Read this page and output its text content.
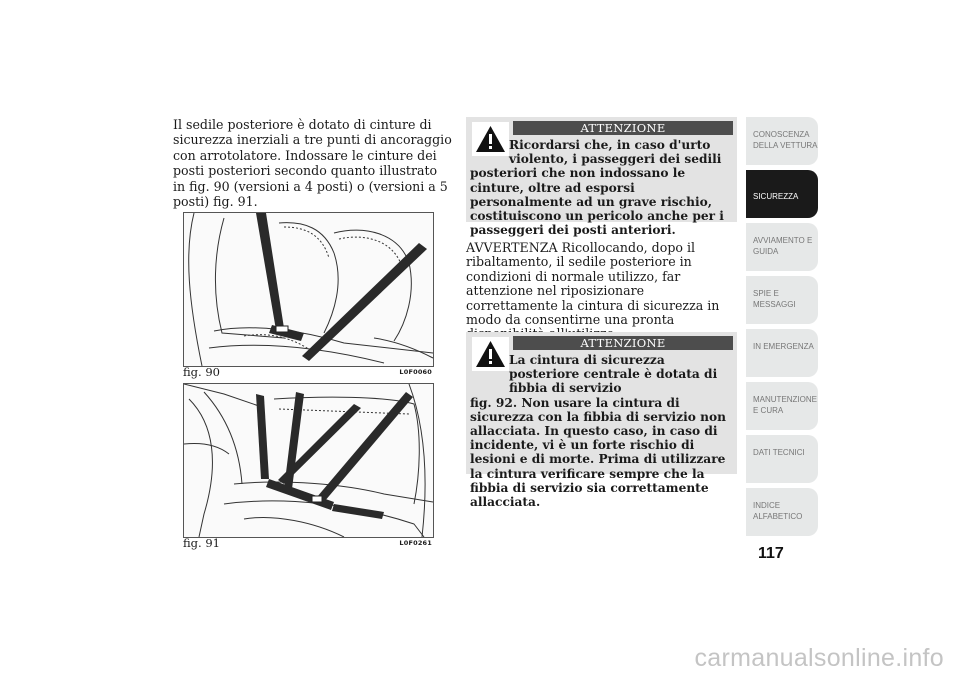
Il sedile posteriore è dotato di cinture di sicurezza inerziali a tre punti di ancoraggio con arrotolatore. Indossare le cinture dei posti posteriori secondo quanto illustrato in fig. 90 (versioni a 4 posti) o (versioni a 5 posti) fig. 91.
fig. 90	L0F0060
fig. 91	L0F0261
ATTENZIONE
Ricordarsi che, in caso d'urto violento, i passeggeri dei sedili
posteriori che non indossano le cinture, oltre ad esporsi personalmente ad un grave rischio, costituiscono un pericolo anche per i passeggeri dei posti anteriori.
AVVERTENZA Ricollocando, dopo il ribaltamento, il sedile posteriore in condizioni di normale utilizzo, far attenzione nel riposizionare correttamente la cintura di sicurezza in modo da consentirne una pronta
ATTENZIONE
La cintura di sicurezza posteriore centrale è dotata di fibbia di servizio
fig. 92. Non usare la cintura di sicurezza con la fibbia di servizio non allacciata. In questo caso, in caso di incidente, vi è un forte rischio di lesioni e di morte. Prima di utilizzare la cintura verificare sempre che la fibbia di servizio sia correttamente allacciata.
CONOSCENZA DELLA VETTURA
SICUREZZA
AVVIAMENTO E GUIDA
SPIE E MESSAGGI
IN EMERGENZA
MANUTENZIONE E CURA
DATI TECNICI
INDICE ALFABETICO
117
carmanualsonline.info
